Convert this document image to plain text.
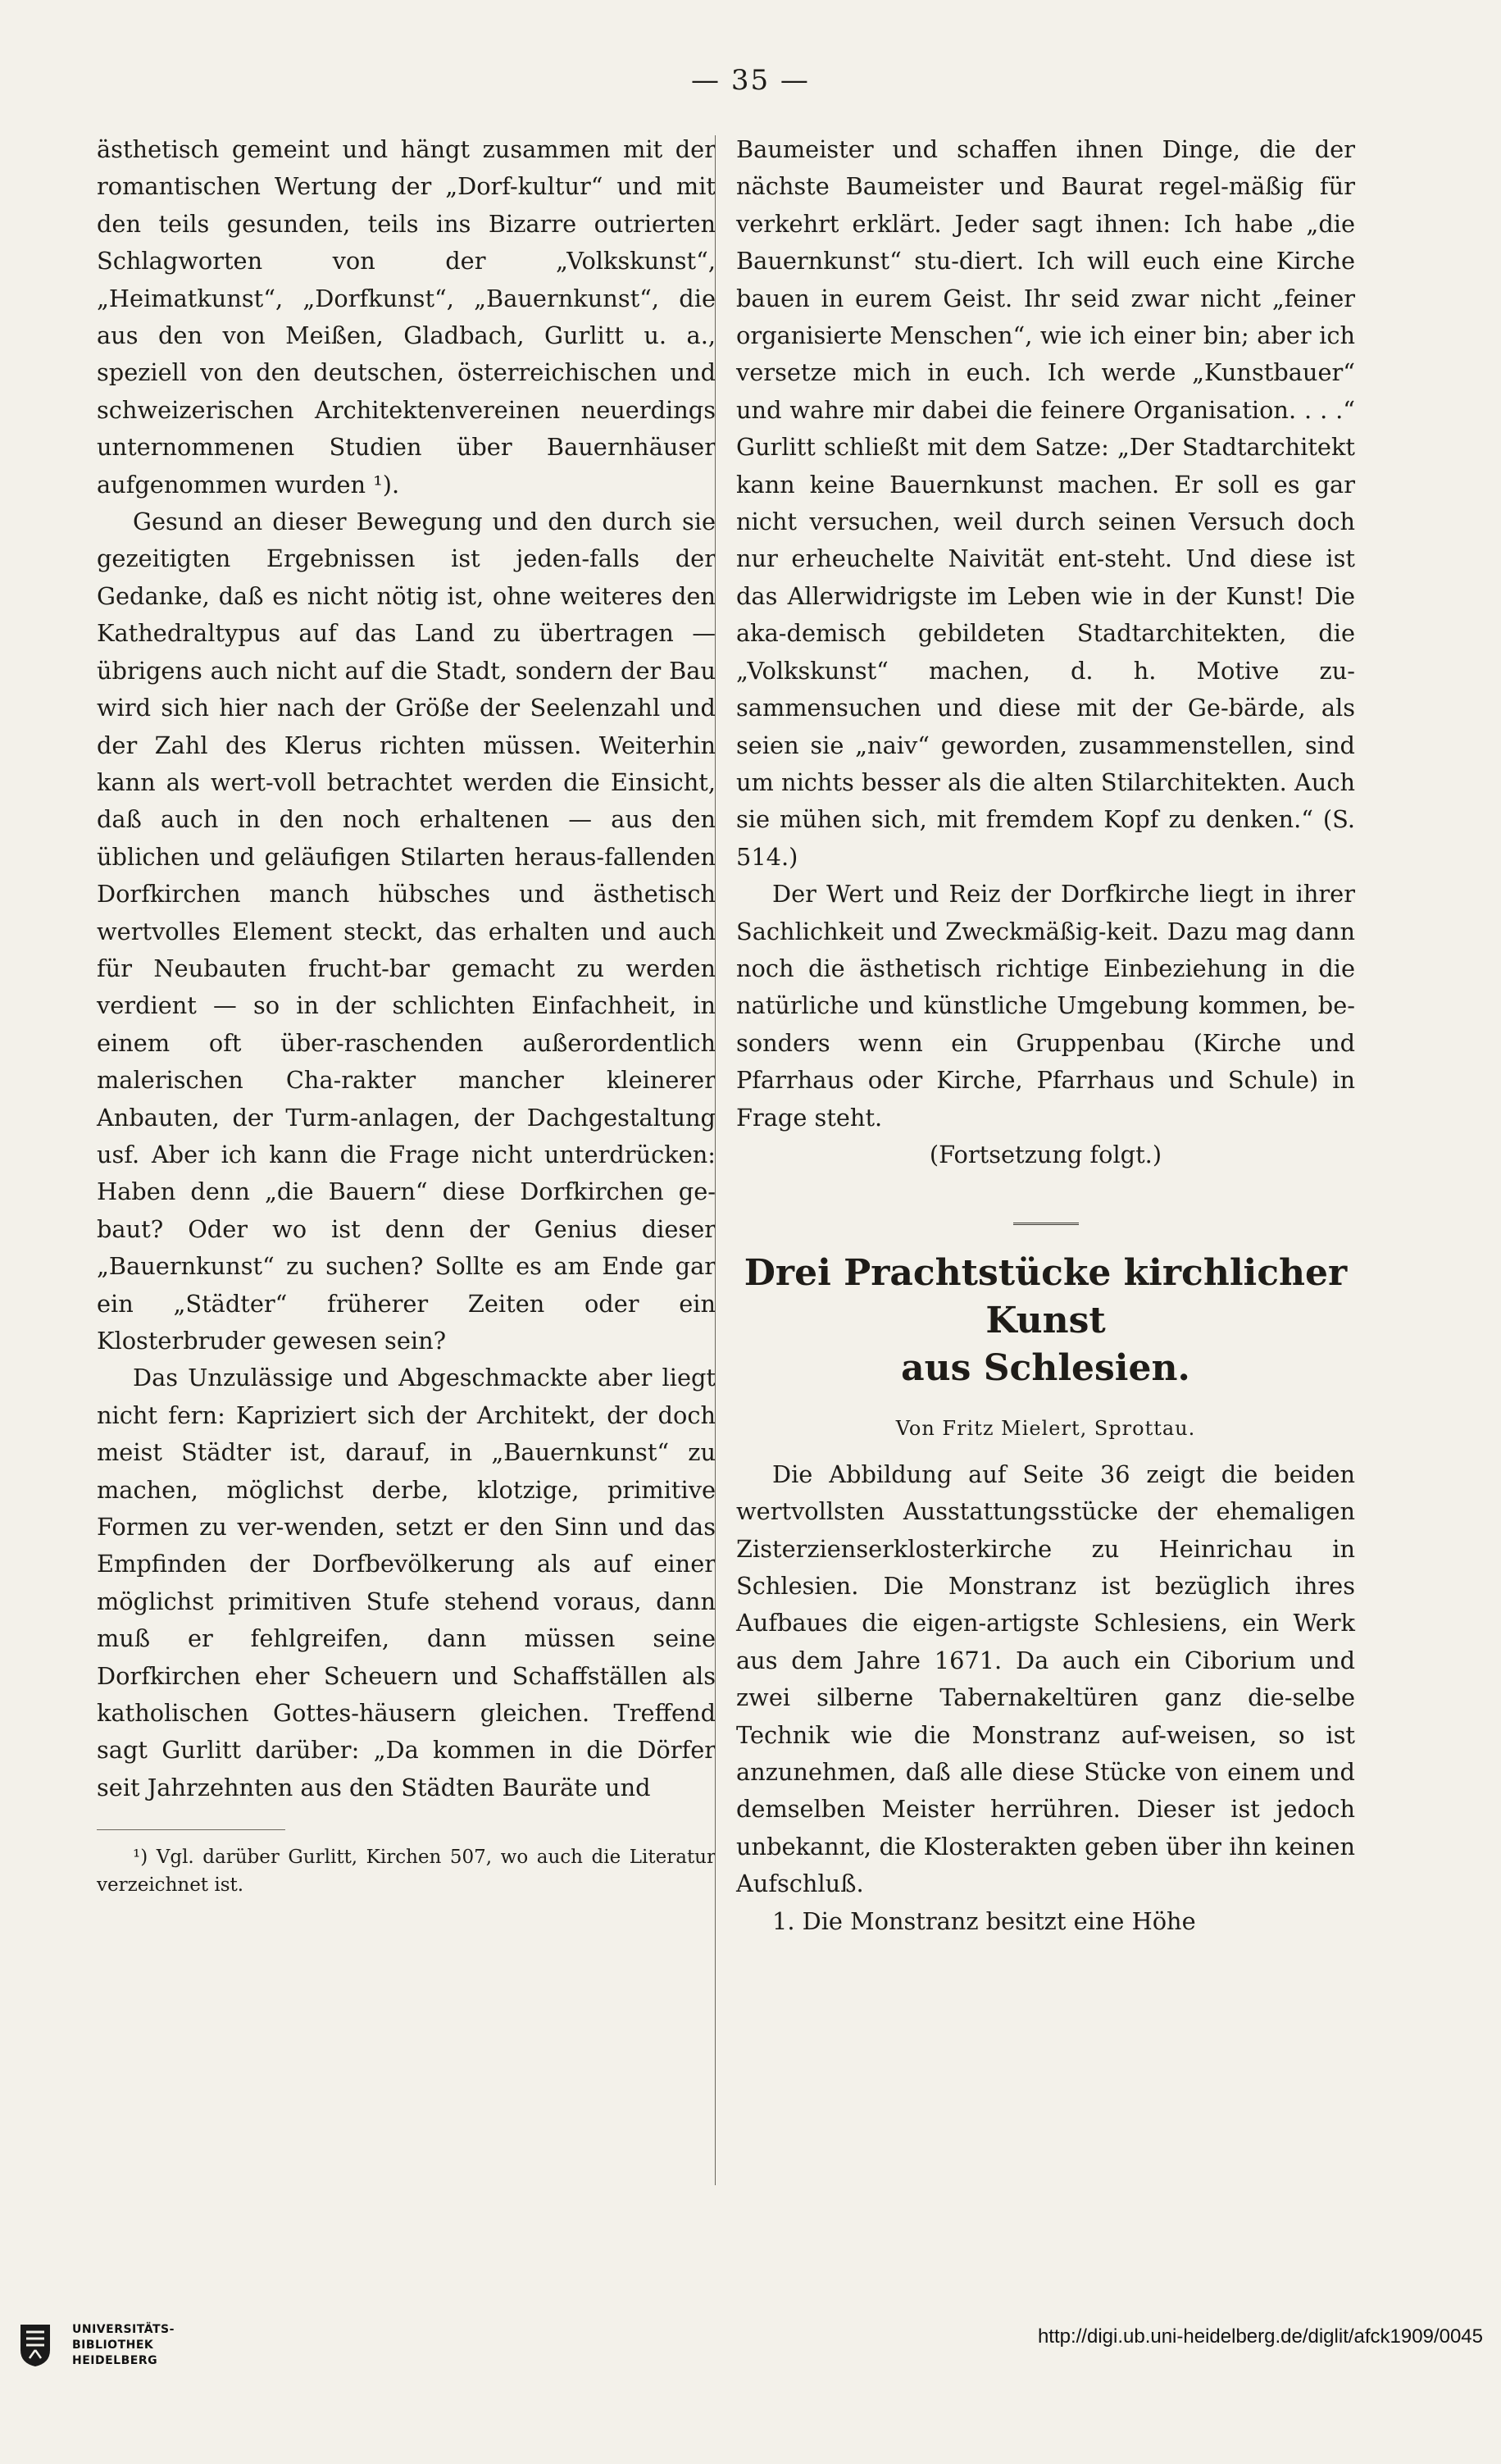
— 35 —

ästhetisch gemeint und hängt zusammen mit der romantischen Wertung der „Dorf-kultur“ und mit den teils gesunden, teils ins Bizarre outrierten Schlagworten von der „Volkskunst“, „Heimatkunst“, „Dorfkunst“, „Bauernkunst“, die aus den von Meißen, Gladbach, Gurlitt u. a., speziell von den deutschen, österreichischen und schweizerischen Architektenvereinen neuerdings unternommenen Studien über Bauernhäuser aufgenommen wurden ¹).

Gesund an dieser Bewegung und den durch sie gezeitigten Ergebnissen ist jeden-falls der Gedanke, daß es nicht nötig ist, ohne weiteres den Kathedraltypus auf das Land zu übertragen — übrigens auch nicht auf die Stadt, sondern der Bau wird sich hier nach der Größe der Seelenzahl und der Zahl des Klerus richten müssen. Weiterhin kann als wert-voll betrachtet werden die Einsicht, daß auch in den noch erhaltenen — aus den üblichen und geläufigen Stilarten heraus-fallenden Dorfkirchen manch hübsches und ästhetisch wertvolles Element steckt, das erhalten und auch für Neubauten frucht-bar gemacht zu werden verdient — so in der schlichten Einfachheit, in einem oft über-raschenden außerordentlich malerischen Cha-rakter mancher kleinerer Anbauten, der Turm-anlagen, der Dachgestaltung usf. Aber ich kann die Frage nicht unterdrücken: Haben denn „die Bauern“ diese Dorfkirchen ge-baut? Oder wo ist denn der Genius dieser „Bauernkunst“ zu suchen? Sollte es am Ende gar ein „Städter“ früherer Zeiten oder ein Klosterbruder gewesen sein?

Das Unzulässige und Abgeschmackte aber liegt nicht fern: Kapriziert sich der Architekt, der doch meist Städter ist, darauf, in „Bauernkunst“ zu machen, möglichst derbe, klotzige, primitive Formen zu ver-wenden, setzt er den Sinn und das Empfinden der Dorfbevölkerung als auf einer möglichst primitiven Stufe stehend voraus, dann muß er fehlgreifen, dann müssen seine Dorfkirchen eher Scheuern und Schaffställen als katholischen Gottes-häusern gleichen. Treffend sagt Gurlitt darüber: „Da kommen in die Dörfer seit Jahrzehnten aus den Städten Bauräte und

¹) Vgl. darüber Gurlitt, Kirchen 507, wo auch die Literatur verzeichnet ist.

Baumeister und schaffen ihnen Dinge, die der nächste Baumeister und Baurat regel-mäßig für verkehrt erklärt. Jeder sagt ihnen: Ich habe „die Bauernkunst“ stu-diert. Ich will euch eine Kirche bauen in eurem Geist. Ihr seid zwar nicht „feiner organisierte Menschen“, wie ich einer bin; aber ich versetze mich in euch. Ich werde „Kunstbauer“ und wahre mir dabei die feinere Organisation. . . .“ Gurlitt schließt mit dem Satze: „Der Stadtarchitekt kann keine Bauernkunst machen. Er soll es gar nicht versuchen, weil durch seinen Versuch doch nur erheuchelte Naivität ent-steht. Und diese ist das Allerwidrigste im Leben wie in der Kunst! Die aka-demisch gebildeten Stadtarchitekten, die „Volkskunst“ machen, d. h. Motive zu-sammensuchen und diese mit der Ge-bärde, als seien sie „naiv“ geworden, zusammenstellen, sind um nichts besser als die alten Stilarchitekten. Auch sie mühen sich, mit fremdem Kopf zu denken.“ (S. 514.)

Der Wert und Reiz der Dorfkirche liegt in ihrer Sachlichkeit und Zweckmäßig-keit. Dazu mag dann noch die ästhetisch richtige Einbeziehung in die natürliche und künstliche Umgebung kommen, be-sonders wenn ein Gruppenbau (Kirche und Pfarrhaus oder Kirche, Pfarrhaus und Schule) in Frage steht.

(Fortsetzung folgt.)

Drei Prachtstücke kirchlicher Kunst
aus Schlesien.
Von Fritz Mielert, Sprottau.

Die Abbildung auf Seite 36 zeigt die beiden wertvollsten Ausstattungsstücke der ehemaligen Zisterzienserklosterkirche zu Heinrichau in Schlesien. Die Monstranz ist bezüglich ihres Aufbaues die eigen-artigste Schlesiens, ein Werk aus dem Jahre 1671. Da auch ein Ciborium und zwei silberne Tabernakeltüren ganz die-selbe Technik wie die Monstranz auf-weisen, so ist anzunehmen, daß alle diese Stücke von einem und demselben Meister herrühren. Dieser ist jedoch unbekannt, die Klosterakten geben über ihn keinen Aufschluß.

1. Die Monstranz besitzt eine Höhe

UNIVERSITÄTS-
BIBLIOTHEK
HEIDELBERG
http://digi.ub.uni-heidelberg.de/diglit/afck1909/0045
